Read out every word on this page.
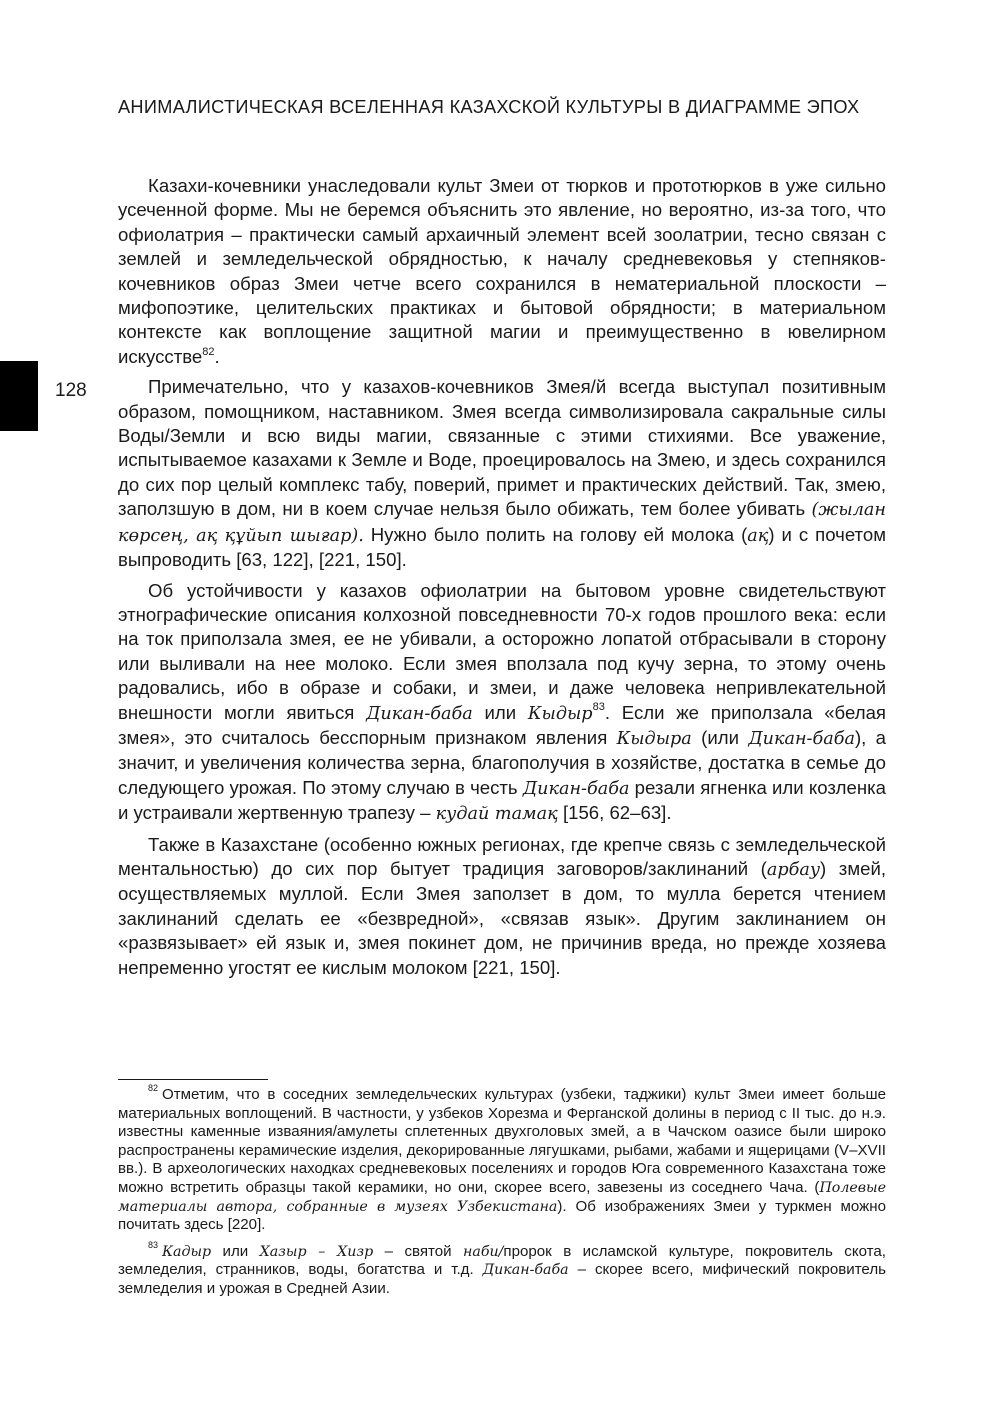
АНИМАЛИСТИЧЕСКАЯ ВСЕЛЕННАЯ КАЗАХСКОЙ КУЛЬТУРЫ В ДИАГРАММЕ ЭПОХ
128

Казахи-кочевники унаследовали культ Змеи от тюрков и прототюрков в уже сильно усеченной форме. Мы не беремся объяснить это явление, но вероятно, из-за того, что офиолатрия – практически самый архаичный элемент всей зоолатрии, тесно связан с землей и земледельческой обрядностью, к началу средневековья у степняков-кочевников образ Змеи четче всего сохранился в нематериальной плоскости – мифопоэтике, целительских практиках и бытовой обрядности; в материальном контексте как воплощение защитной магии и преимущественно в ювелирном искусстве$^{82}$.

Примечательно, что у казахов-кочевников Змея/й всегда выступал позитивным образом, помощником, наставником. Змея всегда символизировала сакральные силы Воды/Земли и всю виды магии, связанные с этими стихиями. Все уважение, испытываемое казахами к Земле и Воде, проецировалось на Змею, и здесь сохранился до сих пор целый комплекс табу, поверий, примет и практических действий. Так, змею, заползшую в дом, ни в коем случае нельзя было обижать, тем более убивать (жылан көрсең, ақ құйып шығар). Нужно было полить на голову ей молока (ақ) и с почетом выпроводить [63, 122], [221, 150].

Об устойчивости у казахов офиолатрии на бытовом уровне свидетельствуют этнографические описания колхозной повседневности 70-х годов прошлого века: если на ток приползала змея, ее не убивали, а осторожно лопатой отбрасывали в сторону или выливали на нее молоко. Если змея вползала под кучу зерна, то этому очень радовались, ибо в образе и собаки, и змеи, и даже человека непривлекательной внешности могли явиться Дикан-баба или Кыдыр$^{83}$. Если же приползала «белая змея», это считалось бесспорным признаком явления Кыдыра (или Дикан-баба), а значит, и увеличения количества зерна, благополучия в хозяйстве, достатка в семье до следующего урожая. По этому случаю в честь Дикан-баба резали ягненка или козленка и устраивали жертвенную трапезу – кудай тамақ [156, 62–63].

Также в Казахстане (особенно южных регионах, где крепче связь с земледельческой ментальностью) до сих пор бытует традиция заговоров/заклинаний (арбау) змей, осуществляемых муллой. Если Змея заползет в дом, то мулла берется чтением заклинаний сделать ее «безвредной», «связав язык». Другим заклинанием он «развязывает» ей язык и, змея покинет дом, не причинив вреда, но прежде хозяева непременно угостят ее кислым молоком [221, 150].

$^{82}$ Отметим, что в соседних земледельческих культурах (узбеки, таджики) культ Змеи имеет больше материальных воплощений. В частности, у узбеков Хорезма и Ферганской долины в период с II тыс. до н.э. известны каменные изваяния/амулеты сплетенных двухголовых змей, а в Чачском оазисе были широко распространены керамические изделия, декорированные лягушками, рыбами, жабами и ящерицами (V–XVII вв.). В археологических находках средневековых поселениях и городов Юга современного Казахстана тоже можно встретить образцы такой керамики, но они, скорее всего, завезены из соседнего Чача. (Полевые материалы автора, собранные в музеях Узбекистана). Об изображениях Змеи у туркмен можно почитать здесь [220].

$^{83}$ Кадыр или Хазыр – Хизр – святой наби/пророк в исламской культуре, покровитель скота, земледелия, странников, воды, богатства и т.д. Дикан-баба – скорее всего, мифический покровитель земледелия и урожая в Средней Азии.
